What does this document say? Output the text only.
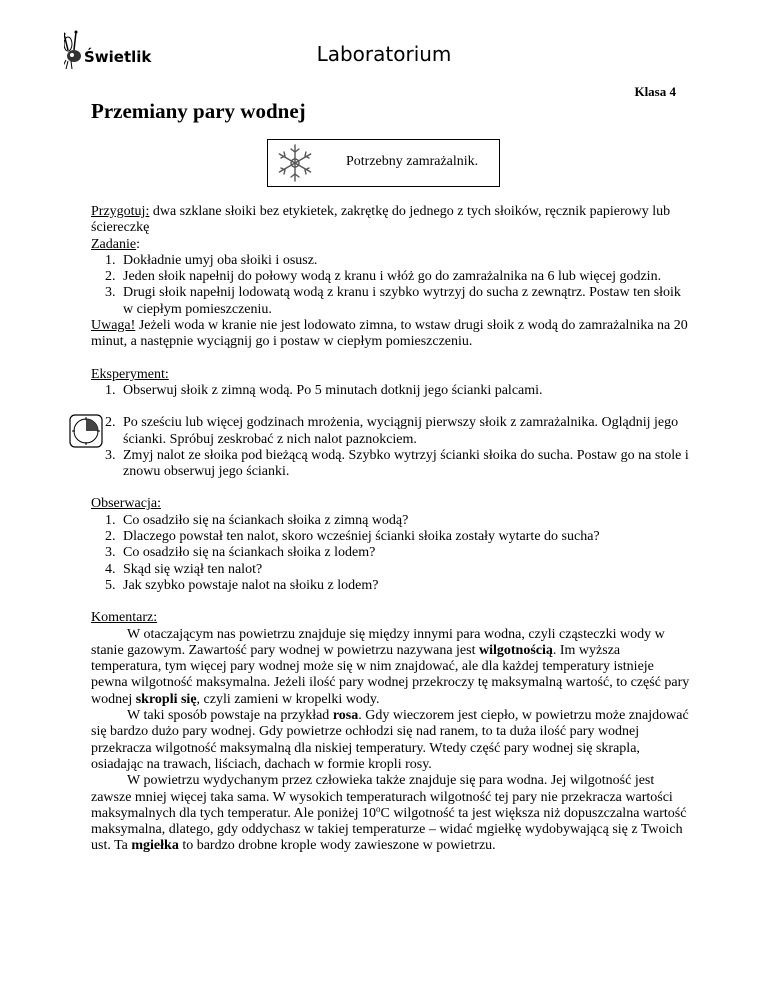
Świetlik	Laboratorium
Klasa 4
Przemiany pary wodnej
Potrzebny zamrażalnik.

Przygotuj: dwa szklane słoiki bez etykietek, zakrętkę do jednego z tych słoików, ręcznik papierowy lub ściereczkę

Zadanie:

1. Dokładnie umyj oba słoiki i osusz.
2. Jeden słoik napełnij do połowy wodą z kranu i włóż go do zamrażalnika na 6 lub więcej godzin.
3. Drugi słoik napełnij lodowatą wodą z kranu i szybko wytrzyj do sucha z zewnątrz. Postaw ten słoik w ciepłym pomieszczeniu.

Uwaga! Jeżeli woda w kranie nie jest lodowato zimna, to wstaw drugi słoik z wodą do zamrażalnika na 20 minut, a następnie wyciągnij go i postaw w ciepłym pomieszczeniu.

Eksperyment:

1. Obserwuj słoik z zimną wodą. Po 5 minutach dotknij jego ścianki palcami.
2. Po sześciu lub więcej godzinach mrożenia, wyciągnij pierwszy słoik z zamrażalnika. Oglądnij jego ścianki. Spróbuj zeskrobać z nich nalot paznokciem.
3. Zmyj nalot ze słoika pod bieżącą wodą. Szybko wytrzyj ścianki słoika do sucha. Postaw go na stole i znowu obserwuj jego ścianki.

Obserwacja:

1. Co osadziło się na ściankach słoika z zimną wodą?
2. Dlaczego powstał ten nalot, skoro wcześniej ścianki słoika zostały wytarte do sucha?
3. Co osadziło się na ściankach słoika z lodem?
4. Skąd się wziął ten nalot?
5. Jak szybko powstaje nalot na słoiku z lodem?

Komentarz:

W otaczającym nas powietrzu znajduje się między innymi para wodna, czyli cząsteczki wody w stanie gazowym. Zawartość pary wodnej w powietrzu nazywana jest wilgotnością. Im wyższa temperatura, tym więcej pary wodnej może się w nim znajdować, ale dla każdej temperatury istnieje pewna wilgotność maksymalna. Jeżeli ilość pary wodnej przekroczy tę maksymalną wartość, to część pary wodnej skropli się, czyli zamieni w kropelki wody.

W taki sposób powstaje na przykład rosa. Gdy wieczorem jest ciepło, w powietrzu może znajdować się bardzo dużo pary wodnej. Gdy powietrze ochłodzi się nad ranem, to ta duża ilość pary wodnej przekracza wilgotność maksymalną dla niskiej temperatury. Wtedy część pary wodnej się skrapla, osiadając na trawach, liściach, dachach w formie kropli rosy.

W powietrzu wydychanym przez człowieka także znajduje się para wodna. Jej wilgotność jest zawsze mniej więcej taka sama. W wysokich temperaturach wilgotność tej pary nie przekracza wartości maksymalnych dla tych temperatur. Ale poniżej 10$^o$C wilgotność ta jest większa niż dopuszczalna wartość maksymalna, dlatego, gdy oddychasz w takiej temperaturze – widać mgiełkę wydobywającą się z Twoich ust. Ta mgiełka to bardzo drobne krople wody zawieszone w powietrzu.
